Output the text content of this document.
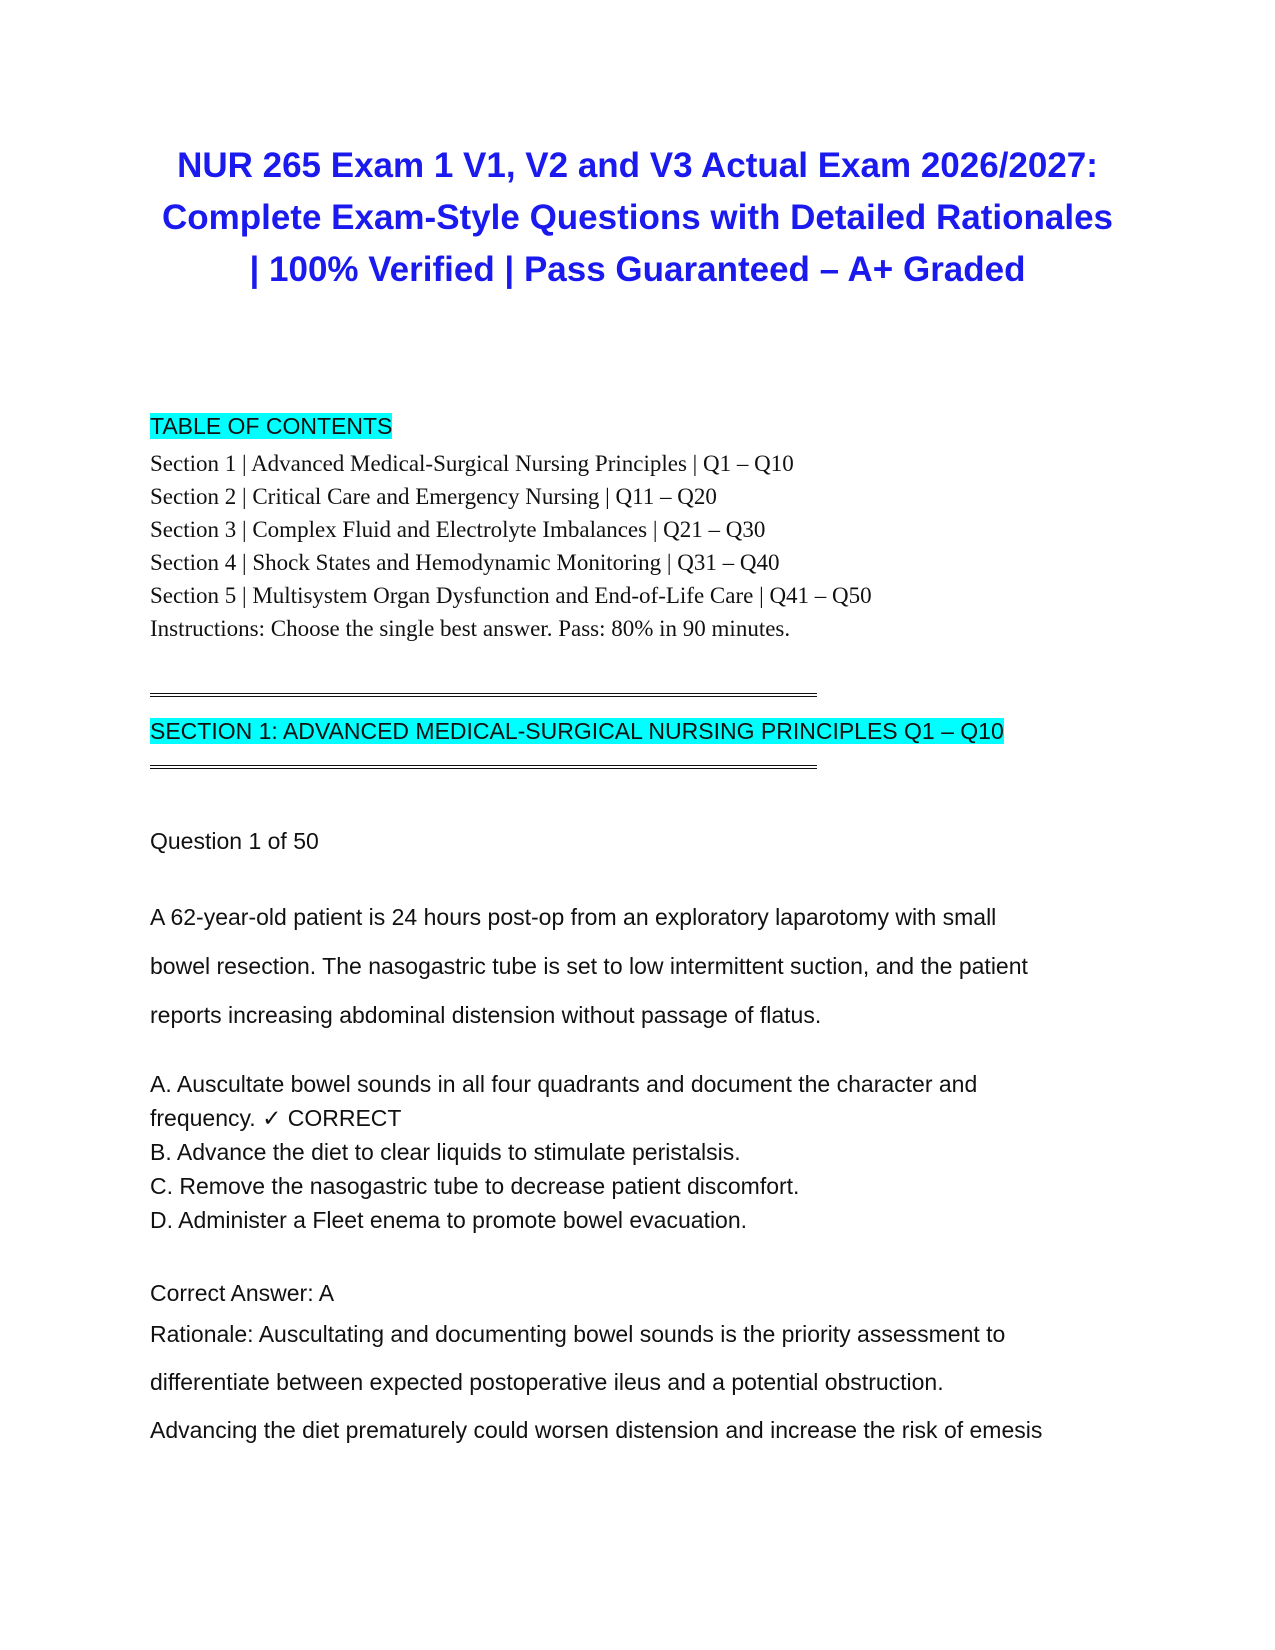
NUR 265 Exam 1 V1, V2 and V3 Actual Exam 2026/2027:
Complete Exam-Style Questions with Detailed Rationales
| 100% Verified | Pass Guaranteed – A+ Graded
TABLE OF CONTENTS
Section 1 | Advanced Medical-Surgical Nursing Principles | Q1 – Q10
Section 2 | Critical Care and Emergency Nursing | Q11 – Q20
Section 3 | Complex Fluid and Electrolyte Imbalances | Q21 – Q30
Section 4 | Shock States and Hemodynamic Monitoring | Q31 – Q40
Section 5 | Multisystem Organ Dysfunction and End-of-Life Care | Q41 – Q50
Instructions: Choose the single best answer. Pass: 80% in 90 minutes.
SECTION 1: ADVANCED MEDICAL-SURGICAL NURSING PRINCIPLES Q1 – Q10
Question 1 of 50
A 62-year-old patient is 24 hours post-op from an exploratory laparotomy with small
bowel resection. The nasogastric tube is set to low intermittent suction, and the patient
reports increasing abdominal distension without passage of flatus.
A. Auscultate bowel sounds in all four quadrants and document the character and
frequency. ✓ CORRECT
B. Advance the diet to clear liquids to stimulate peristalsis.
C. Remove the nasogastric tube to decrease patient discomfort.
D. Administer a Fleet enema to promote bowel evacuation.
Correct Answer: A
Rationale: Auscultating and documenting bowel sounds is the priority assessment to
differentiate between expected postoperative ileus and a potential obstruction.
Advancing the diet prematurely could worsen distension and increase the risk of emesis
